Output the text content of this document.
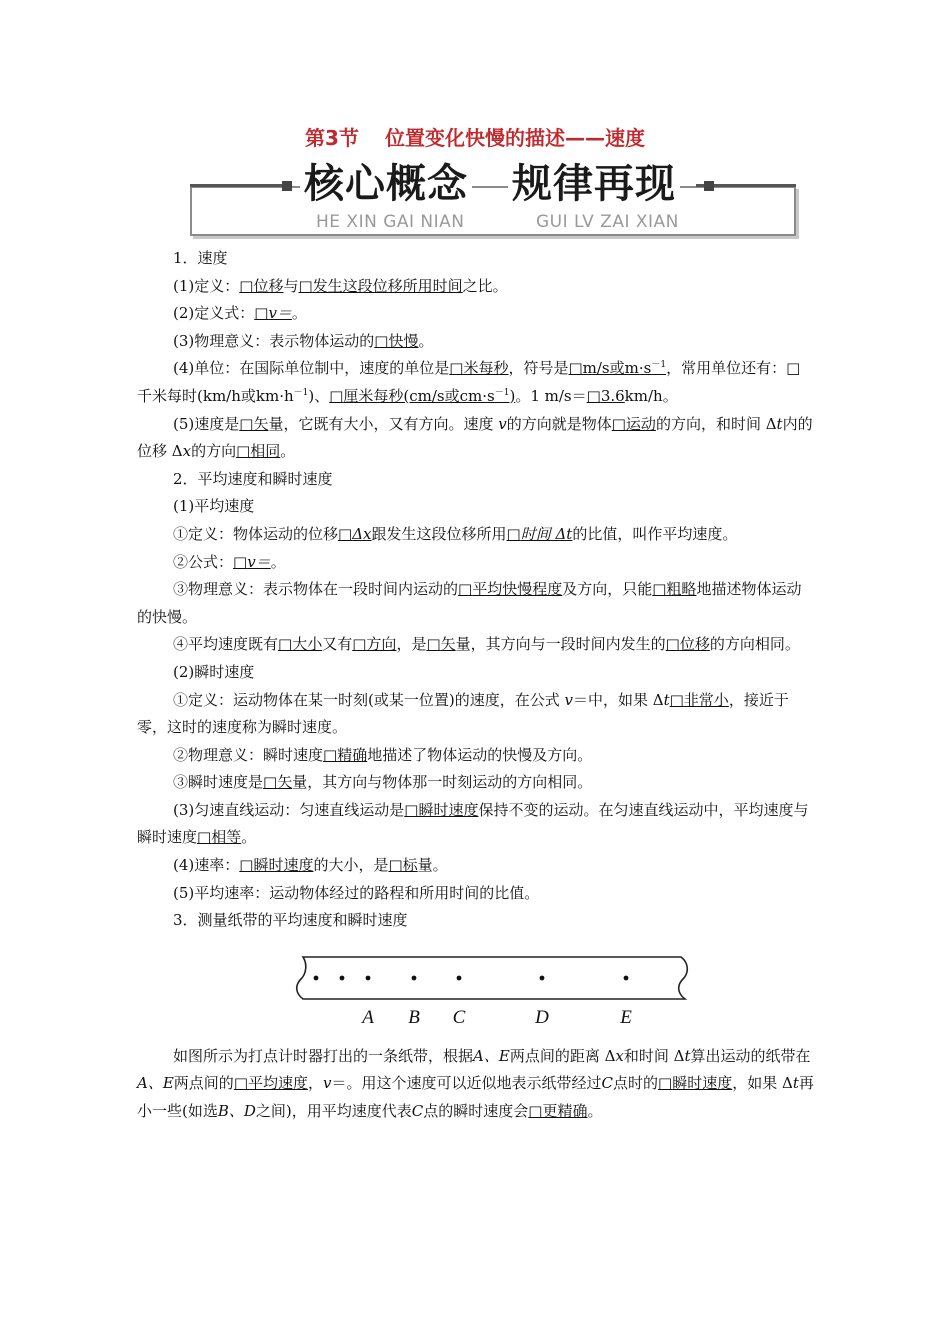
第3节 位置变化快慢的描述——速度
核心概念 规律再现
HE XIN GAI NIAN	GUI LV ZAI XIAN

1．速度

(1)定义： □ 位移与 □ 发生这段位移所用时间之比。

(2)定义式： □ v＝。

(3)物理意义：表示物体运动的 □ 快慢。

(4)单位：在国际单位制中，速度的单位是 □ 米每秒，符号是 □ m/s或$m\cdot s^{-1}$，常用单位还有：□ 千米每时(km/h或$km\cdot h^{-1}$)、 □ 厘米每秒(cm/s或$cm\cdot s^{-1}$)。1 m/s＝ □ 3.6km/h。

(5)速度是 □ 矢量，它既有大小，又有方向。速度 v的方向就是物体 □ 运动的方向，和时间 Δt内的位移 Δx的方向 □ 相同。

2．平均速度和瞬时速度

(1)平均速度

①定义：物体运动的位移 □ Δx跟发生这段位移所用 □ 时间 Δt的比值，叫作平均速度。

②公式： □ v＝。

③物理意义：表示物体在一段时间内运动的 □ 平均快慢程度及方向，只能 □ 粗略地描述物体运动的快慢。

④平均速度既有 □ 大小又有 □ 方向，是 □ 矢量，其方向与一段时间内发生的 □ 位移的方向相同。

(2)瞬时速度

①定义：运动物体在某一时刻(或某一位置)的速度，在公式 v＝中，如果 Δt □ 非常小，接近于零，这时的速度称为瞬时速度。

②物理意义：瞬时速度 □ 精确地描述了物体运动的快慢及方向。

③瞬时速度是 □ 矢量，其方向与物体那一时刻运动的方向相同。

(3)匀速直线运动：匀速直线运动是 □ 瞬时速度保持不变的运动。在匀速直线运动中，平均速度与瞬时速度 □ 相等。

(4)速率： □ 瞬时速度的大小，是 □ 标量。

(5)平均速率：运动物体经过的路程和所用时间的比值。

3．测量纸带的平均速度和瞬时速度

A B C	D	E

如图所示为打点计时器打出的一条纸带，根据A、E两点间的距离 Δx和时间 Δt算出运动的纸带在A、E两点间的 □ 平均速度，v＝。用这个速度可以近似地表示纸带经过C点时的 □ 瞬时速度，如果 Δt再小一些(如选B、D之间)，用平均速度代表C点的瞬时速度会 □ 更精确。
